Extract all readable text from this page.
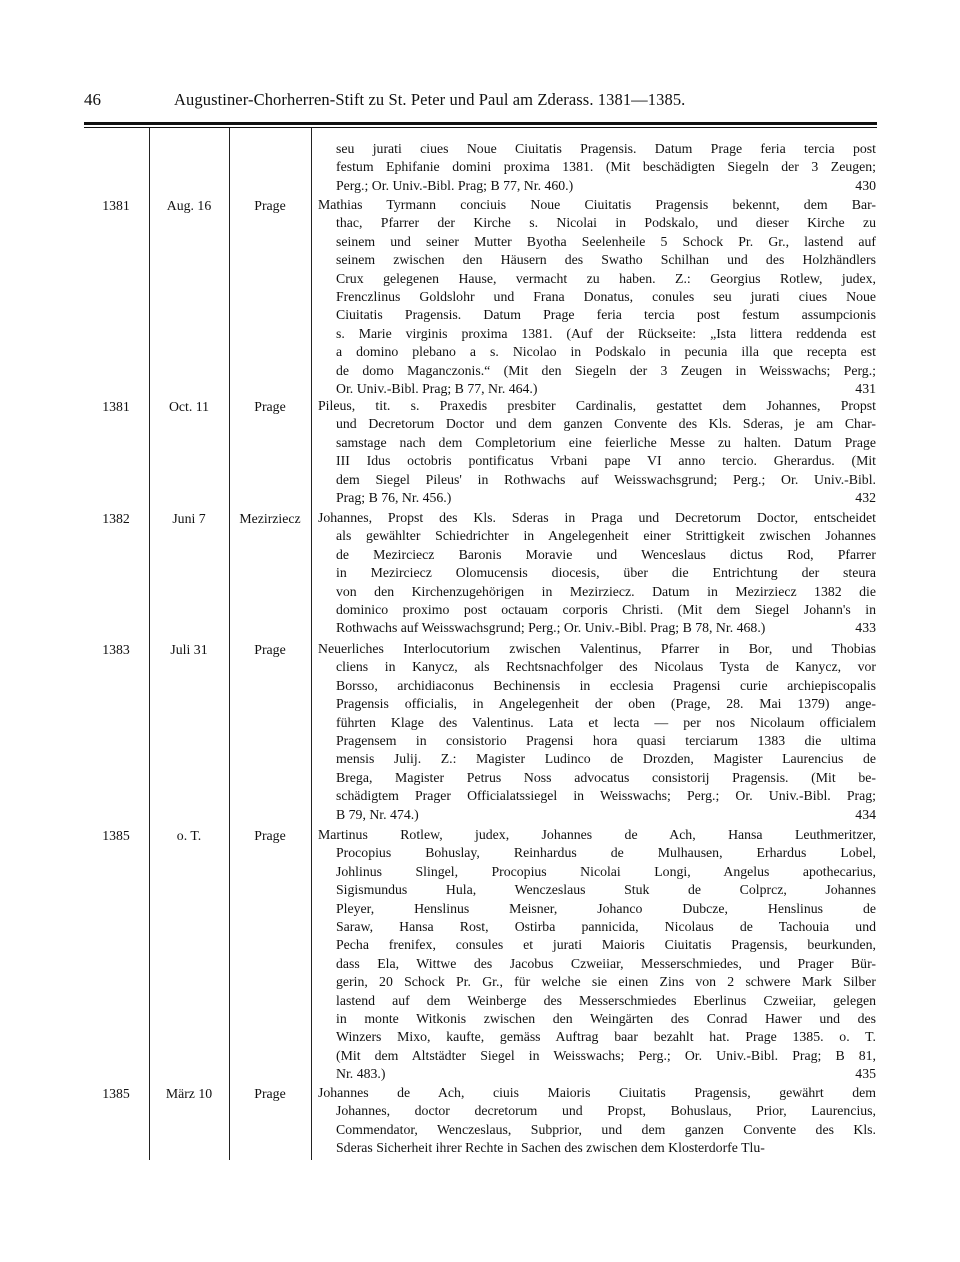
46	Augustiner-Chorherren-Stift zu St. Peter und Paul am Zderass. 1381—1385.
seu jurati ciues Noue Ciuitatis Pragensis. Datum Prage feria tercia post
festum Ephifanie domini proxima 1381. (Mit beschädigten Siegeln der 3 Zeugen;
Perg.; Or. Univ.-Bibl. Prag; B 77, Nr. 460.)	430
1381	Aug. 16	Prage	Mathias Tyrmann conciuis Noue Ciuitatis Pragensis bekennt, dem Bar-
thac, Pfarrer der Kirche s. Nicolai in Podskalo, und dieser Kirche zu
seinem und seiner Mutter Byotha Seelenheile 5 Schock Pr. Gr., lastend auf
seinem zwischen den Häusern des Swatho Schilhan und des Holzhändlers
Crux gelegenen Hause, vermacht zu haben. Z.: Georgius Rotlew, judex,
Frenczlinus Goldslohr und Frana Donatus, conules seu jurati ciues Noue
Ciuitatis Pragensis. Datum Prage feria tercia post festum assumpcionis
s. Marie virginis proxima 1381. (Auf der Rückseite: „Ista littera reddenda est
a domino plebano a s. Nicolao in Podskalo in pecunia illa que recepta est
de domo Maganczonis.“ (Mit den Siegeln der 3 Zeugen in Weisswachs; Perg.;
Or. Univ.-Bibl. Prag; B 77, Nr. 464.)	431
1381	Oct. 11	Prage	Pileus, tit. s. Praxedis presbiter Cardinalis, gestattet dem Johannes, Propst
und Decretorum Doctor und dem ganzen Convente des Kls. Sderas, je am Char-
samstage nach dem Completorium eine feierliche Messe zu halten. Datum Prage
III Idus octobris pontificatus Vrbani pape VI anno tercio. Gherardus. (Mit
dem Siegel Pileus' in Rothwachs auf Weisswachsgrund; Perg.; Or. Univ.-Bibl.
Prag; B 76, Nr. 456.)	432
1382	Juni 7	Mezirziecz	Johannes, Propst des Kls. Sderas in Praga und Decretorum Doctor, entscheidet
als gewählter Schiedrichter in Angelegenheit einer Strittigkeit zwischen Johannes
de Mezirciecz Baronis Moravie und Wenceslaus dictus Rod, Pfarrer
in Mezirciecz Olomucensis diocesis, über die Entrichtung der steura
von den Kirchenzugehörigen in Mezirziecz. Datum in Mezirziecz 1382 die
dominico proximo post octauam corporis Christi. (Mit dem Siegel Johann's in
Rothwachs auf Weisswachsgrund; Perg.; Or. Univ.-Bibl. Prag; B 78, Nr. 468.)	433
1383	Juli 31	Prage	Neuerliches Interlocutorium zwischen Valentinus, Pfarrer in Bor, und Thobias
cliens in Kanycz, als Rechtsnachfolger des Nicolaus Tysta de Kanycz, vor
Borsso, archidiaconus Bechinensis in ecclesia Pragensi curie archiepiscopalis
Pragensis officialis, in Angelegenheit der oben (Prage, 28. Mai 1379) ange-
führten Klage des Valentinus. Lata et lecta — per nos Nicolaum officialem
Pragensem in consistorio Pragensi hora quasi terciarum 1383 die ultima
mensis Julij. Z.: Magister Ludinco de Drozden, Magister Laurencius de
Brega, Magister Petrus Noss advocatus consistorij Pragensis. (Mit be-
schädigtem Prager Officialatssiegel in Weisswachs; Perg.; Or. Univ.-Bibl. Prag;
B 79, Nr. 474.)	434
1385	o. T.	Prage	Martinus Rotlew, judex, Johannes de Ach, Hansa Leuthmeritzer,
Procopius Bohuslay, Reinhardus de Mulhausen, Erhardus Lobel,
Johlinus Slingel, Procopius Nicolai Longi, Angelus apothecarius,
Sigismundus Hula, Wenczeslaus Stuk de Colprcz, Johannes
Pleyer, Henslinus Meisner, Johanco Dubcze, Henslinus de
Saraw, Hansa Rost, Ostirba pannicida, Nicolaus de Tachouia und
Pecha frenifex, consules et jurati Maioris Ciuitatis Pragensis, beurkunden,
dass Ela, Wittwe des Jacobus Czweiiar, Messerschmiedes, und Prager Bür-
gerin, 20 Schock Pr. Gr., für welche sie einen Zins von 2 schwere Mark Silber
lastend auf dem Weinberge des Messerschmiedes Eberlinus Czweiiar, gelegen
in monte Witkonis zwischen den Weingärten des Conrad Hawer und des
Winzers Mixo, kaufte, gemäss Auftrag baar bezahlt hat. Prage 1385. o. T.
(Mit dem Altstädter Siegel in Weisswachs; Perg.; Or. Univ.-Bibl. Prag; B 81,
Nr. 483.)	435
1385	März 10	Prage	Johannes de Ach, ciuis Maioris Ciuitatis Pragensis, gewährt dem
Johannes, doctor decretorum und Propst, Bohuslaus, Prior, Laurencius,
Commendator, Wenczeslaus, Subprior, und dem ganzen Convente des Kls.
Sderas Sicherheit ihrer Rechte in Sachen des zwischen dem Klosterdorfe Tlu-
